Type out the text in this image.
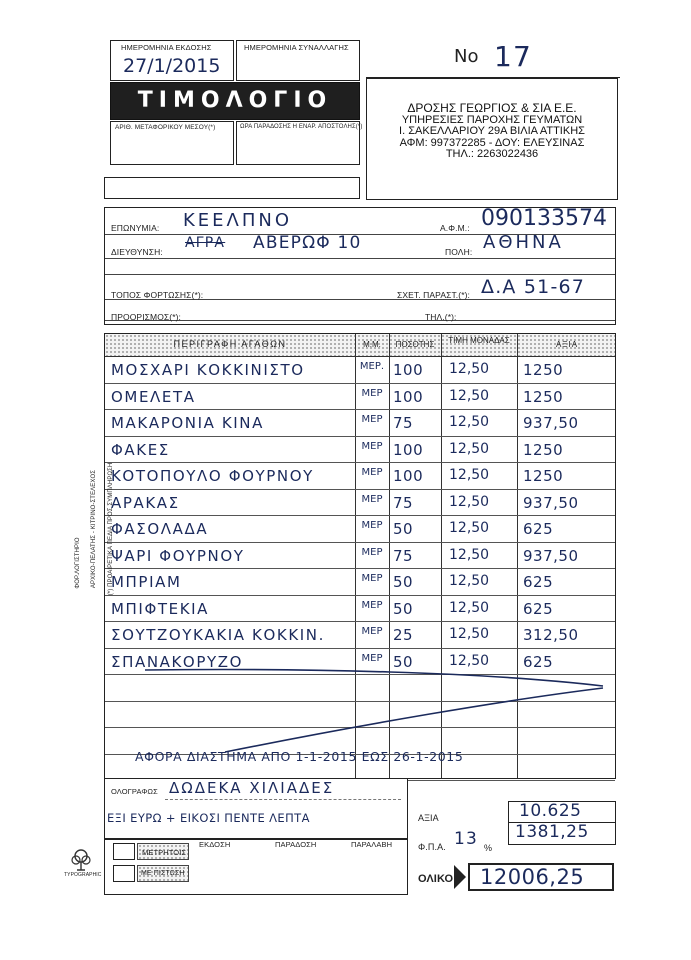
ΗΜΕΡΟΜΗΝΙΑ ΕΚΔΟΣΗΣ
27/1/2015
ΗΜΕΡΟΜΗΝΙΑ ΣΥΝΑΛΛΑΓΗΣ
ΤΙΜΟΛΟΓΙΟ
ΑΡΙΘ. ΜΕΤΑΦΟΡΙΚΟΥ ΜΕΣΟΥ(*)	ΩΡΑ ΠΑΡΑΔΟΣΗΣ Η ΕΝΑΡ. ΑΠΟΣΤΟΛΗΣ(*)
No 17
ΔΡΟΣΗΣ ΓΕΩΡΓΙΟΣ & ΣΙΑ Ε.Ε.
ΥΠΗΡΕΣΙΕΣ ΠΑΡΟΧΗΣ ΓΕΥΜΑΤΩΝ
Ι. ΣΑΚΕΛΛΑΡΙΟΥ 29Α ΒΙΛΙΑ ΑΤΤΙΚΗΣ
ΑΦΜ: 997372285 - ΔΟΥ: ΕΛΕΥΣΙΝΑΣ
ΤΗΛ.: 2263022436
ΕΠΩΝΥΜΙΑ: ΚΕΕΛΠΝΟ	Α.Φ.Μ.: 090133574
ΔΙΕΥΘΥΝΣΗ:
ΑΓΡΑ ΑΒΕΡΩΦ 10	ΠΟΛΗ: ΑΘΗΝΑ
ΤΟΠΟΣ ΦΟΡΤΩΣΗΣ(*):	ΣΧΕΤ. ΠΑΡΑΣΤ.(*): Δ.Α 51-67
ΠΡΟΟΡΙΣΜΟΣ(*):	ΤΗΛ.(*):
ΠΕΡΙΓΡΑΦΗ ΑΓΑΘΩΝ	Μ.Μ.	ΠΟΣΟΤΗΣ	ΤΙΜΗ ΜΟΝΑΔΑΣ	ΑΞΙΑ
ΜΟΣΧΑΡΙ ΚΟΚΚΙΝΙΣΤΟ	ΜΕΡ. 100	12,50	1250
ΟΜΕΛΕΤΑ	ΜΕΡ 100	12,50	1250
ΜΑΚΑΡΟΝΙΑ ΚΙΝΑ	ΜΕΡ 75	12,50	937,50
ΦΑΚΕΣ	ΜΕΡ 100	12,50	1250
ΚΟΤΟΠΟΥΛΟ ΦΟΥΡΝΟΥ	ΜΕΡ 100	12,50	1250
ΑΡΑΚΑΣ	ΜΕΡ 75	12,50	937,50
ΦΑΣΟΛΑΔΑ	ΜΕΡ 50	12,50	625
ΨΑΡΙ ΦΟΥΡΝΟΥ	ΜΕΡ 75	12,50	937,50
ΜΠΡΙΑΜ	ΜΕΡ 50	12,50	625
ΜΠΙΦΤΕΚΙΑ	ΜΕΡ 50	12,50	625
ΣΟΥΤΖΟΥΚΑΚΙΑ ΚΟΚΚΙΝ.	ΜΕΡ 25	12,50	312,50
ΣΠΑΝΑΚΟΡΥΖΟ	ΜΕΡ 50	12,50	625
ΑΦΟΡΑ ΔΙΑΣΤΗΜΑ ΑΠΟ 1-1-2015 ΕΩΣ 26-1-2015
ΟΛΟΓΡΑΦΩΣ ΔΩΔΕΚΑ ΧΙΛΙΑΔΕΣ
ΕΞΙ ΕΥΡΩ + ΕΙΚΟΣΙ ΠΕΝΤΕ ΛΕΠΤΑ	ΑΞΙΑ	10.625
1381,25
Φ.Π.Α. 13 %
ΟΛΙΚΟ 12006,25
ΜΕΤΡΗΤΟΙΣ
ΜΕ ΠΙΣΤΩΣΗ
ΕΚΔΟΣΗ	ΠΑΡΑΔΟΣΗ	ΠΑΡΑΛΑΒΗ
TYPOGRAPHIC
ΦΟΡ.ΛΟΓΙΣΤΗΡΙΟ ΑΡΧΙΚΟ-ΠΕΛΑΤΗΣ - ΚΙΤΡΙΝΟ-ΣΤΕΛΕΧΟΣ (*) ΠΡΟΑΙΡΕΤΙΚΑ ΠΕΔΙΑ ΠΡΟΣ ΣΥΜΠΛΗΡΩΣΗ
